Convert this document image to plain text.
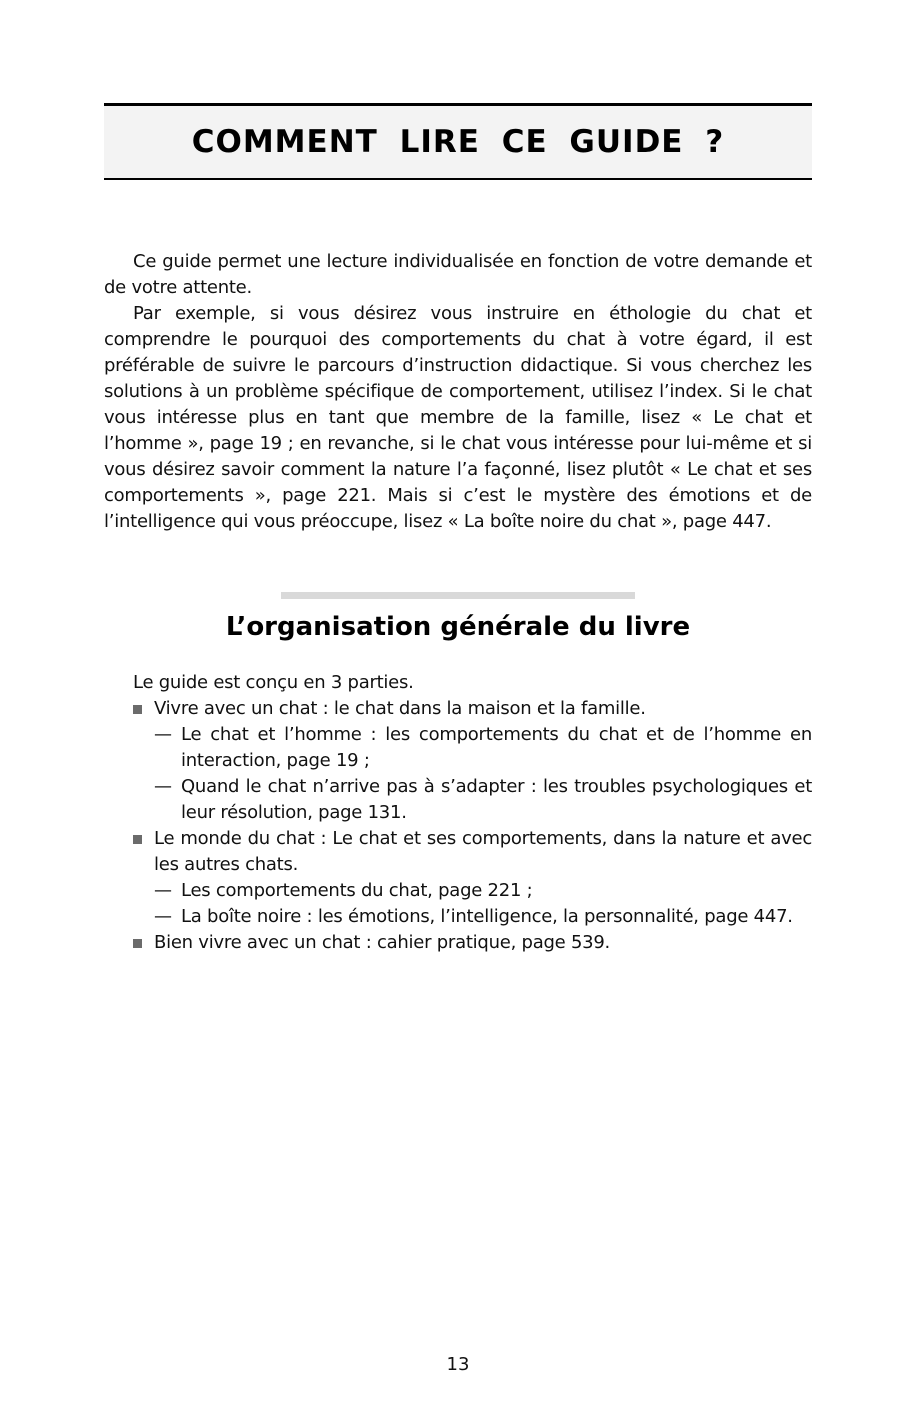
COMMENT LIRE CE GUIDE ?

Ce guide permet une lecture individualisée en fonction de votre demande et de votre attente.

Par exemple, si vous désirez vous instruire en éthologie du chat et comprendre le pourquoi des comportements du chat à votre égard, il est préférable de suivre le parcours d’instruction didactique. Si vous cherchez les solutions à un problème spécifique de comportement, utilisez l’index. Si le chat vous intéresse plus en tant que membre de la famille, lisez « Le chat et l’homme », page 19 ; en revanche, si le chat vous intéresse pour lui-même et si vous désirez savoir comment la nature l’a façonné, lisez plutôt « Le chat et ses comportements », page 221. Mais si c’est le mystère des émotions et de l’intelligence qui vous préoccupe, lisez « La boîte noire du chat », page 447.

L’organisation générale du livre

Le guide est conçu en 3 parties.

Vivre avec un chat : le chat dans la maison et la famille.
— Le chat et l’homme : les comportements du chat et de l’homme en interaction, page 19 ;
— Quand le chat n’arrive pas à s’adapter : les troubles psychologiques et leur résolution, page 131.
Le monde du chat : Le chat et ses comportements, dans la nature et avec les autres chats.
— Les comportements du chat, page 221 ;
— La boîte noire : les émotions, l’intelligence, la personnalité, page 447.
Bien vivre avec un chat : cahier pratique, page 539.
13
